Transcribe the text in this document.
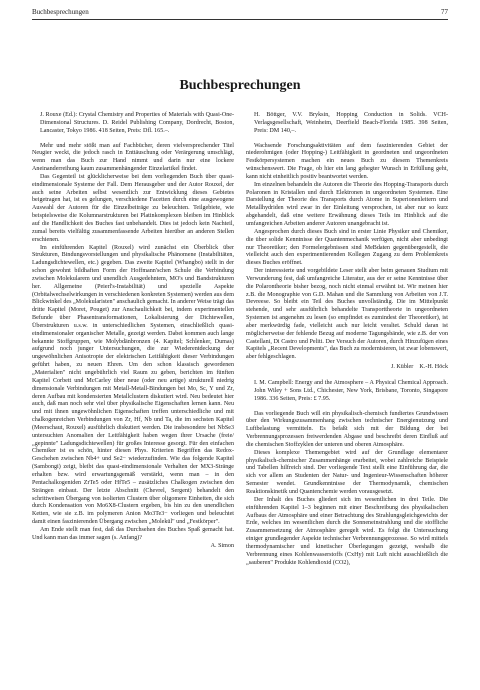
Buchbesprechungen	77
Buchbesprechungen

J. Rouxe (Ed.): Crystal Chemistry and Properties of Materials with Quasi-One-Dimensional Structures. D. Reidel Publishing Company, Dordrecht, Boston, Lancaster, Tokyo 1986. 418 Seiten, Preis: Dfl. 165.–.

Mehr und mehr stößt man auf Fachbücher, deren vielversprechender Titel Neugier weckt, die jedoch rasch in Enttäuschung oder Verärgerung umschlägt, wenn man das Buch zur Hand nimmt und darin nur eine lockere Aneinanderreihung kaum zusammenhängender Einzelartikel findet.

Das Gegenteil ist glücklicherweise bei dem vorliegenden Buch über quasi-eindimensionale Systeme der Fall. Dem Herausgeber und der Autor Rouxel, der auch seine Arbeiten selbst wesentlich zur Entwicklung dieses Gebietes beigetragen hat, ist es gelungen, verschiedene Facetten durch eine ausgewogene Auswahl der Autoren für die Einzelbeiträge zu beleuchten. Teilgebiete, wie beispielsweise die Kolumnarstrukturen bei Platinkomplexen bleiben im Hinblick auf die Handlichkeit des Buches fast unbehandelt. Dies ist jedoch kein Nachteil, zumal bereits vielfältig zusammenfassende Arbeiten hierüber an anderen Stellen erschienen.

Im einführenden Kapitel (Rouxel) wird zunächst ein Überblick über Strukturen, Bindungsvorstellungen und physikalische Phänomene (Instabilitäten, Ladungsdichtewellen, etc.) gegeben. Das zweite Kapitel (Whangbo) stellt in der schon gewohnt bildhaften Form der Hoffmann'schen Schule die Verbindung zwischen Molekularem und unendlich Ausgedehntem, MO's und Bandstrukturen her. Allgemeine (Peierl's-Instabilität) und spezielle Aspekte (Orbitalwechselwirkungen in verschiedenen konkreten Systemen) werden aus dem Blickwinkel des „Molekularisten" anschaulich gemacht. In anderer Weise trägt das dritte Kapitel (Moret, Pouget) zur Anschaulichkeit bei, indem experimentellen Befunde über Phasentransformationen, Lokalisierung der Dichtewellen, Überstrukturen u.s.w. in unterschiedlichen Systemen, einschließlich quasi-eindimensionaler organischer Metalle, gezeigt werden. Dabei kommen auch lange bekannte Stoffgruppen, wie Molybdänbronzen (4. Kapitel; Schlenker, Dumas) aufgrund noch junger Untersuchungen, die zur Wiederentdeckung der ungewöhnlichen Anisotropie der elektrischen Leitfähigkeit dieser Verbindungen geführt haben, zu neuen Ehren. Um den schon klassisch gewordenen „Materialien" nicht ungebührlich viel Raum zu geben, berichten im fünften Kapitel Corbett und McCarley über neue (oder neu artige) strukturell niedrig dimensionale Verbindungen mit Metall-Metall-Bindungen bei Mo, Sc, Y und Zr, deren Aufbau mit kondensierten Metallclustern diskutiert wird. Neu bedeutet hier auch, daß man noch sehr viel über physikalische Eigenschaften lernen kann. Neu und mit ihnen ungewöhnlichen Eigenschaften treffen unterschiedliche und mit chalkogenreichen Verbindungen von Zr, Hf, Nb und Ta, die im sechsten Kapitel (Meerschaut, Rouxel) ausführlich diskutiert werden. Die insbesondere bei NbSe3 untersuchten Anomalien der Leitfähigkeit haben wegen ihrer Ursache (freie/„gepinnte" Ladungsdichtewellen) für großes Interesse gesorgt. Für den einfachen Chemiker ist es schön, hinter diesen Phys. Kriterien Begriffen das Redox-Geschehen zwischen Nb4+ und Se2− wiederzufinden. Wie das folgende Kapitel (Sambongi) zeigt, bleibt das quasi-eindimensionale Verhalten der MX3-Stränge erhalten bzw. wird erwartungsgemäß verstärkt, wenn man – in den Pentachalkogeniden ZrTe5 oder HfTe5 – zusätzliches Chalkogen zwischen den Strängen einbaut. Der letzte Abschnitt (Chevrel, Sergent) behandelt den schrittweisen Übergang von isolierten Clustern über oligomere Einheiten, die sich durch Kondensation von Mo6X8-Clustern ergeben, bis hin zu den unendlichen Ketten, wie sie z.B. im polymeren Anion Mo3Te3− vorliegen und beleuchtet damit einen faszinierenden Übergang zwischen „Molekül" und „Festkörper".

Am Ende stellt man fest, daß das Durchsehen des Buches Spaß gemacht hat. Und kann man das immer sagen (s. Anfang)?

A. Simon

H. Böttger, V.V. Bryksin, Hopping Conduction in Solids. VCH-Verlagsgesellschaft, Weinheim, Deerfield Beach-Florida 1985. 398 Seiten, Preis: DM 140,–.

Wachsende Forschungsaktivitäten auf dem faszinierenden Gebiet der niederohmigen (oder Hopping-) Leitfähigkeit in geordneten und ungeordneten Festkörpersystemen machen ein neues Buch zu diesem Themenkreis wünschenswert. Die Frage, ob hier ein lang gehegter Wunsch in Erfüllung geht, kann nicht einheitlich positiv beantwortet werden.

Im einzelnen behandeln die Autoren die Theorie des Hopping-Transports durch Polaronen in Kristallen und durch Elektronen in ungeordneten Systemen. Eine Darstellung der Theorie des Transports durch Atome in Superionenleitern und Metallhydriden wird zwar in der Einleitung versprochen, ist aber nur so kurz abgehandelt, daß eine weitere Erwähnung dieses Teils im Hinblick auf die umfangreichen Arbeiten anderer Autoren unangebracht ist.

Angesprochen durch dieses Buch sind in erster Linie Physiker und Chemiker, die über solide Kenntnisse der Quantenmechanik verfügen, nicht aber unbedingt nur Theoretiker; den Formelergebnissen sind MeBdaten gegenübergestellt, die vielleicht auch den experimentierenden Kollegen Zugang zu dem Problemkreis dieses Buches eröffnet.

Der interessierte und vorgebildete Leser stellt aber beim genauen Studium mit Verwunderung fest, daß umfangreiche Literatur, aus der er seine Kenntnisse über die Polarontheorie bisher bezog, noch nicht einmal erwähnt ist. Wir meinen hier z.B. die Monographie von G.D. Mahan und die Sammlung von Arbeiten von J.T. Devreese. So bleibt ein Teil des Buches unvollständig. Die im Mittelpunkt stehende, und sehr ausführlich behandelte Transporttheorie in ungeordneten Systemen ist angenehm zu lesen (so empfindet es zumindest der Theoretiker), ist aber merkwürdig fade, vielleicht auch nur leicht veraltet. Schuld daran ist möglicherweise der fehlende Bezug auf moderne Tagungsbände, wie z.B. der von Castellani, Di Castro und Peliti. Der Versuch der Autoren, durch Hinzufügen eines Kapitels „Recent Developments", das Buch zu modernisieren, ist zwar lobenswert, aber fehlgeschlagen.

J. Kübler K.-H. Höck

I. M. Campbell: Energy and the Atmosphere – A Physical Chemical Approach. John Wiley + Sons Ltd., Chichester, New York, Brisbane, Toronto, Singapore 1986. 336 Seiten, Preis: £ 7.95.

Das vorliegende Buch will ein physikalisch-chemisch fundiertes Grundwissen über den Wirkungszusammenhang zwischen technischer Energienutzung und Luftbelastung vermitteln. Es befaßt sich mit der Bildung der bei Verbrennungsprozessen freiwerdenden Abgase und beschreibt deren Einfluß auf die chemischen Stoffzyklen der unteren und oberen Atmosphäre.

Dieses komplexe Themengebiet wird auf der Grundlage elementarer physikalisch-chemischer Zusammenhänge erarbeitet, wobei zahlreiche Beispiele und Tabellen hilfreich sind. Der vorliegende Text stellt eine Einführung dar, die sich vor allem an Studenten der Natur- und Ingenieur-Wissenschaften höherer Semester wendet. Grundkenntnisse der Thermodynamik, chemischen Reaktionskinetik und Quantenchemie werden vorausgesetzt.

Der Inhalt des Buches gliedert sich im wesentlichen in drei Teile. Die einführenden Kapitel 1–3 beginnen mit einer Beschreibung des physikalischen Aufbaus der Atmosphäre und einer Betrachtung des Strahlungsgleichgewichts der Erde, welches im wesentlichen durch die Sonneneinstrahlung und die stoffliche Zusammensetzung der Atmosphäre geregelt wird. Es folgt die Untersuchung einiger grundlegender Aspekte technischer Verbrennungsprozesse. So wird mittels thermodynamischer und kinetischer Überlegungen gezeigt, weshalb die Verbrennung eines Kohlenwasserstoffs (CxHy) mit Luft nicht ausschließlich die „sauberen" Produkte Kohlendioxid (CO2),
